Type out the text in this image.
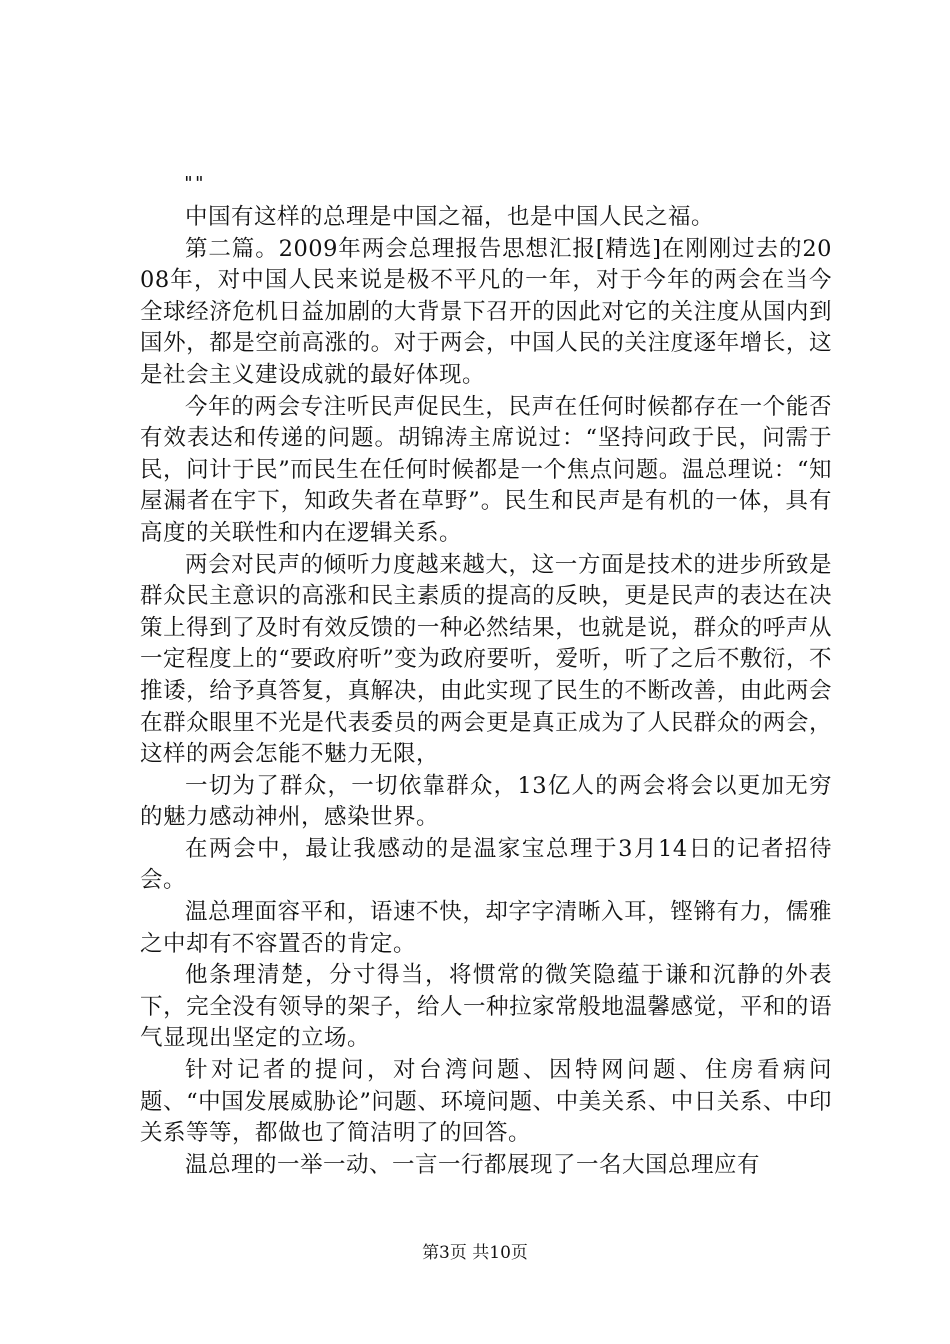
""

中国有这样的总理是中国之福，也是中国人民之福。

第二篇。2009年两会总理报告思想汇报[精选]在刚刚过去的2008年，对中国人民来说是极不平凡的一年，对于今年的两会在当今全球经济危机日益加剧的大背景下召开的因此对它的关注度从国内到国外，都是空前高涨的。对于两会，中国人民的关注度逐年增长，这是社会主义建设成就的最好体现。

今年的两会专注听民声促民生，民声在任何时候都存在一个能否有效表达和传递的问题。胡锦涛主席说过：“坚持问政于民，问需于民，问计于民”而民生在任何时候都是一个焦点问题。温总理说：“知屋漏者在宇下，知政失者在草野”。民生和民声是有机的一体，具有高度的关联性和内在逻辑关系。

两会对民声的倾听力度越来越大，这一方面是技术的进步所致是群众民主意识的高涨和民主素质的提高的反映，更是民声的表达在决策上得到了及时有效反馈的一种必然结果，也就是说，群众的呼声从一定程度上的“要政府听”变为政府要听，爱听，听了之后不敷衍，不推诿，给予真答复，真解决，由此实现了民生的不断改善，由此两会在群众眼里不光是代表委员的两会更是真正成为了人民群众的两会，这样的两会怎能不魅力无限，

一切为了群众，一切依靠群众，13亿人的两会将会以更加无穷的魅力感动神州，感染世界。

在两会中，最让我感动的是温家宝总理于3月14日的记者招待会。

温总理面容平和，语速不快，却字字清晰入耳，铿锵有力，儒雅之中却有不容置否的肯定。

他条理清楚，分寸得当，将惯常的微笑隐蕴于谦和沉静的外表下，完全没有领导的架子，给人一种拉家常般地温馨感觉，平和的语气显现出坚定的立场。

针对记者的提问，对台湾问题、因特网问题、住房看病问题、“中国发展威胁论”问题、环境问题、中美关系、中日关系、中印关系等等，都做也了简洁明了的回答。

温总理的一举一动、一言一行都展现了一名大国总理应有

第3页 共10页
